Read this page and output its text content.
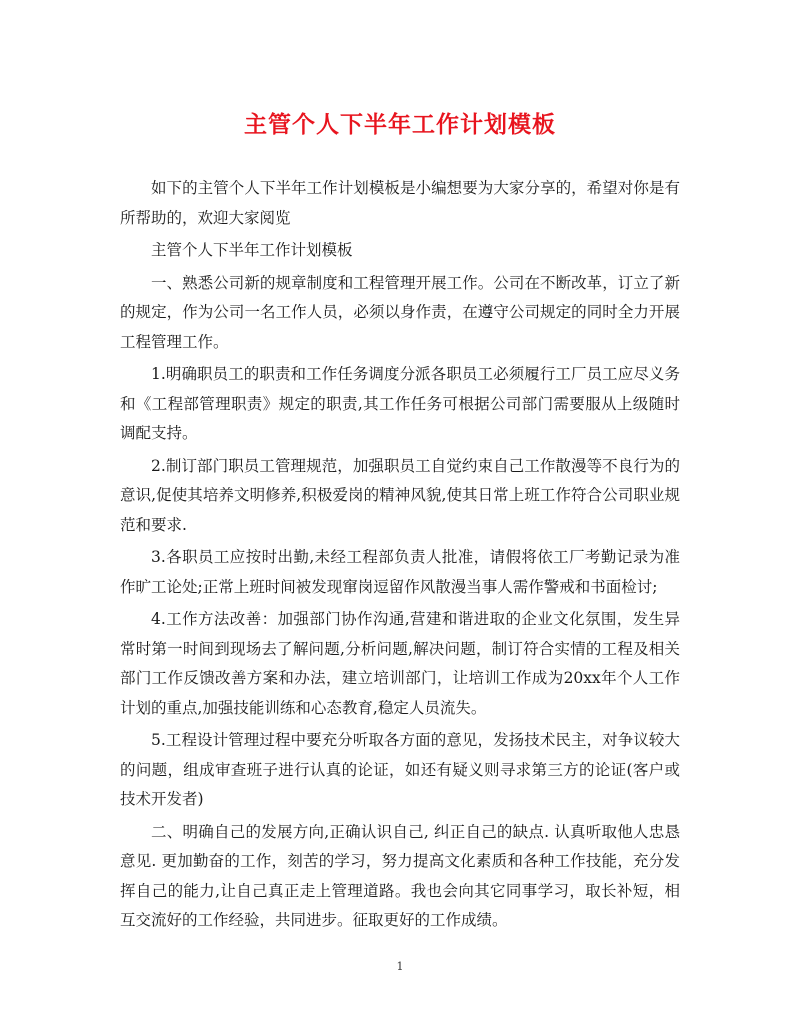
主管个人下半年工作计划模板

如下的主管个人下半年工作计划模板是小编想要为大家分享的，希望对你是有所帮助的，欢迎大家阅览

主管个人下半年工作计划模板

一、熟悉公司新的规章制度和工程管理开展工作。公司在不断改革，订立了新的规定，作为公司一名工作人员，必须以身作责，在遵守公司规定的同时全力开展工程管理工作。

1.明确职员工的职责和工作任务调度分派各职员工必须履行工厂员工应尽义务和《工程部管理职责》规定的职责,其工作任务可根据公司部门需要服从上级随时调配支持。

2.制订部门职员工管理规范，加强职员工自觉约束自己工作散漫等不良行为的意识,促使其培养文明修养,积极爱岗的精神风貌,使其日常上班工作符合公司职业规范和要求.

3.各职员工应按时出勤,未经工程部负责人批准，请假将依工厂考勤记录为准作旷工论处;正常上班时间被发现窜岗逗留作风散漫当事人需作警戒和书面检讨;

4.工作方法改善：加强部门协作沟通,营建和谐进取的企业文化氛围，发生异常时第一时间到现场去了解问题,分析问题,解决问题，制订符合实情的工程及相关部门工作反馈改善方案和办法，建立培训部门，让培训工作成为20xx年个人工作计划的重点,加强技能训练和心态教育,稳定人员流失。

5.工程设计管理过程中要充分听取各方面的意见，发扬技术民主，对争议较大的问题，组成审查班子进行认真的论证，如还有疑义则寻求第三方的论证(客户或技术开发者)

二、明确自己的发展方向,正确认识自己, 纠正自己的缺点. 认真听取他人忠恳意见. 更加勤奋的工作，刻苦的学习，努力提高文化素质和各种工作技能，充分发挥自己的能力,让自己真正走上管理道路。我也会向其它同事学习，取长补短，相互交流好的工作经验，共同进步。征取更好的工作成绩。

1
